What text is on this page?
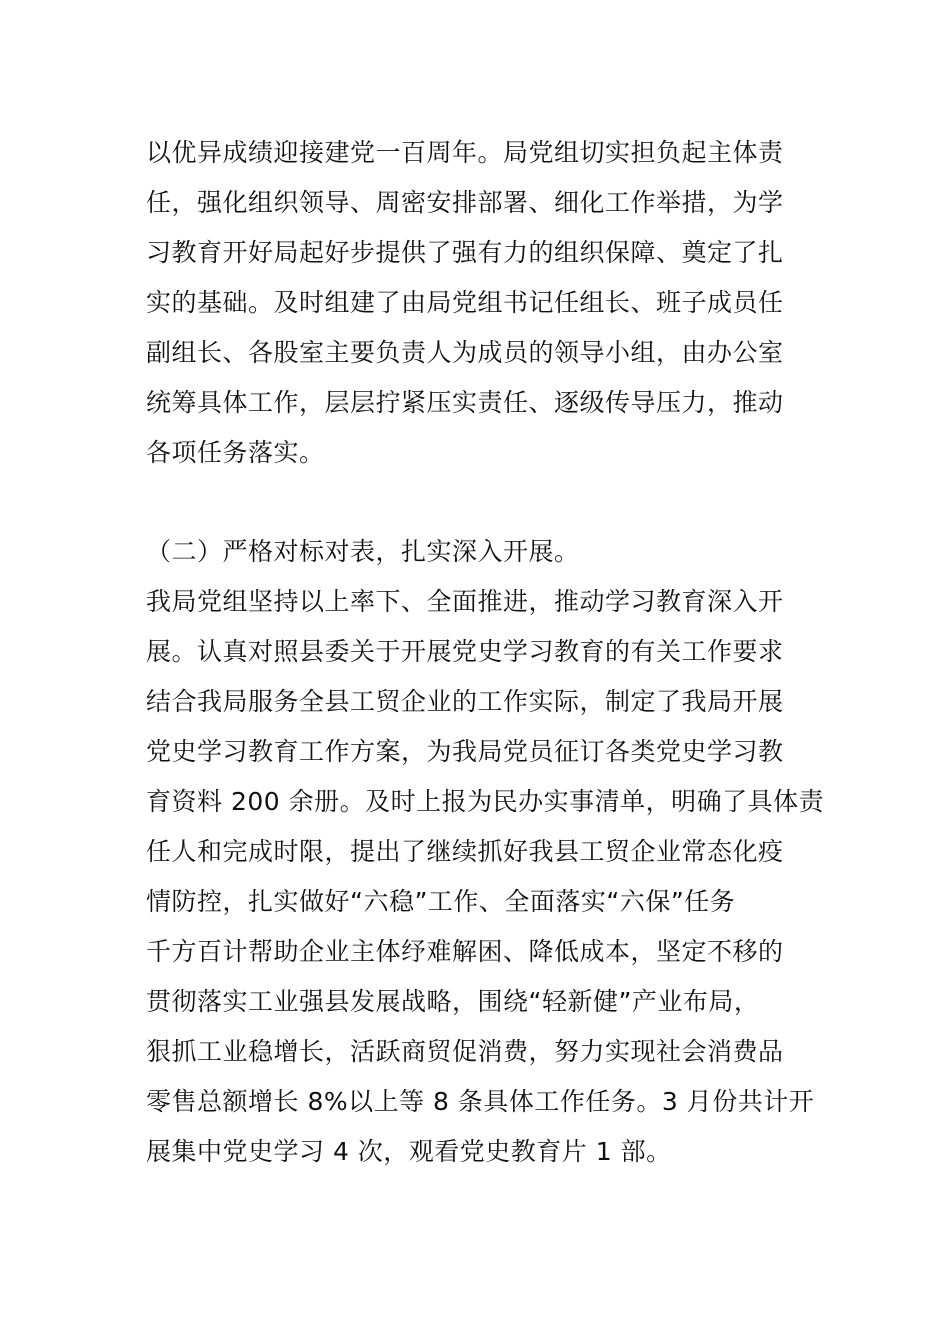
以优异成绩迎接建党一百周年。局党组切实担负起主体责
任，强化组织领导、周密安排部署、细化工作举措，为学
习教育开好局起好步提供了强有力的组织保障、奠定了扎
实的基础。及时组建了由局党组书记任组长、班子成员任
副组长、各股室主要负责人为成员的领导小组，由办公室
统筹具体工作，层层拧紧压实责任、逐级传导压力，推动
各项任务落实。
（二）严格对标对表，扎实深入开展。
我局党组坚持以上率下、全面推进，推动学习教育深入开
展。认真对照县委关于开展党史学习教育的有关工作要求
结合我局服务全县工贸企业的工作实际，制定了我局开展
党史学习教育工作方案，为我局党员征订各类党史学习教
育资料 200 余册。及时上报为民办实事清单，明确了具体责
任人和完成时限，提出了继续抓好我县工贸企业常态化疫
情防控，扎实做好“六稳”工作、全面落实“六保”任务
千方百计帮助企业主体纾难解困、降低成本，坚定不移的
贯彻落实工业强县发展战略，围绕“轻新健”产业布局，
狠抓工业稳增长，活跃商贸促消费，努力实现社会消费品
零售总额增长 8%以上等 8 条具体工作任务。3 月份共计开
展集中党史学习 4 次，观看党史教育片 1 部。
